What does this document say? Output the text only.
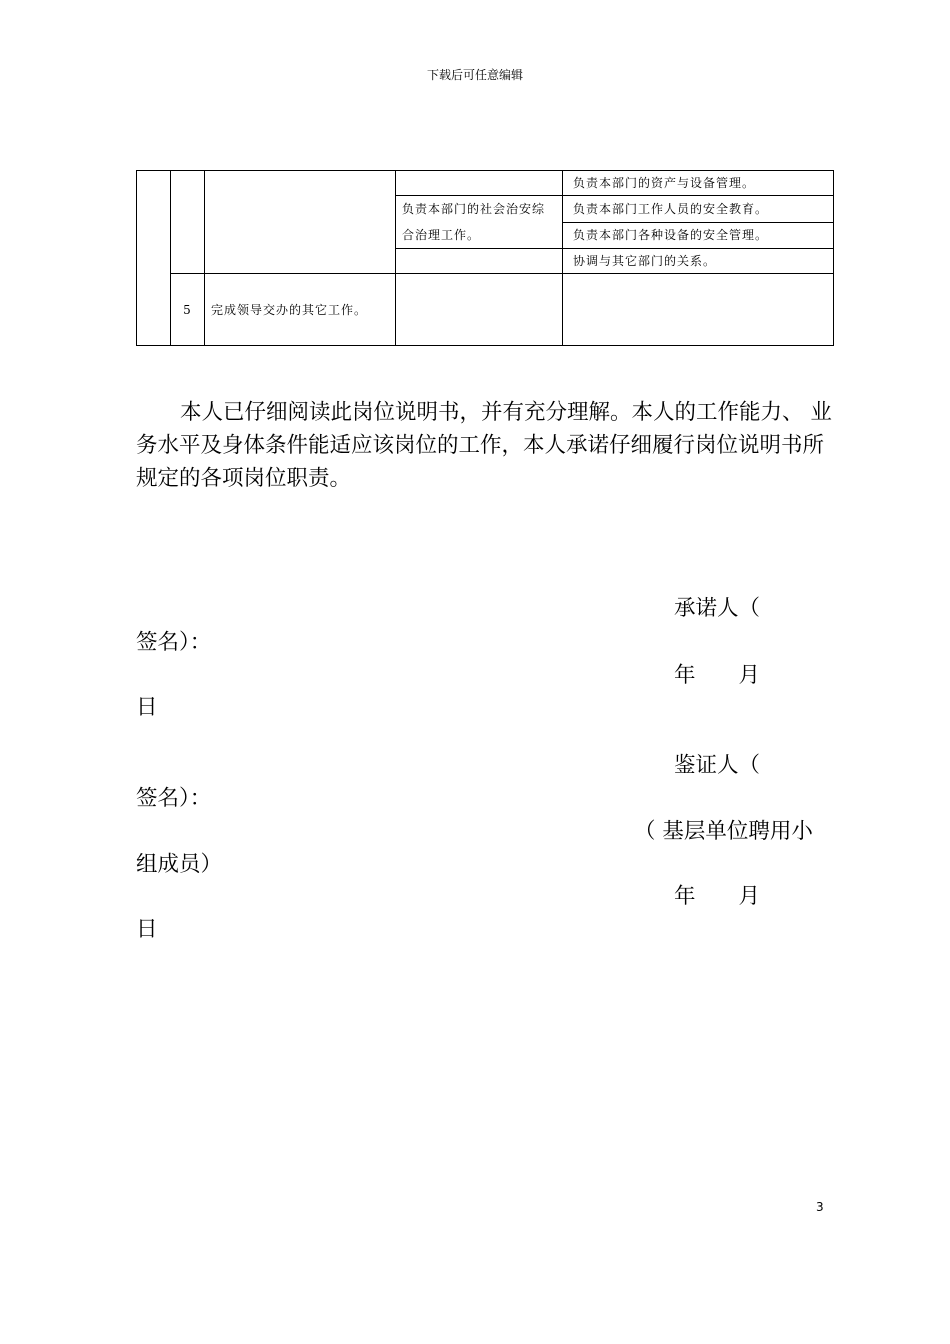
下载后可任意编辑
				负责本部门的资产与设备管理。
			负责本部门的社会治安综合治理工作。	负责本部门工作人员的安全教育。
				负责本部门各种设备的安全管理。
				协调与其它部门的关系。
	5	完成领导交办的其它工作。		
本人已仔细阅读此岗位说明书，并有充分理解。本人的工作能力、 业务水平及身体条件能适应该岗位的工作，本人承诺仔细履行岗位说明书所规定的各项岗位职责。
承诺人（
签名）：
年　　月
日
鉴证人（
签名）：
（ 基层单位聘用小
组成员）
年　　月
日
3
